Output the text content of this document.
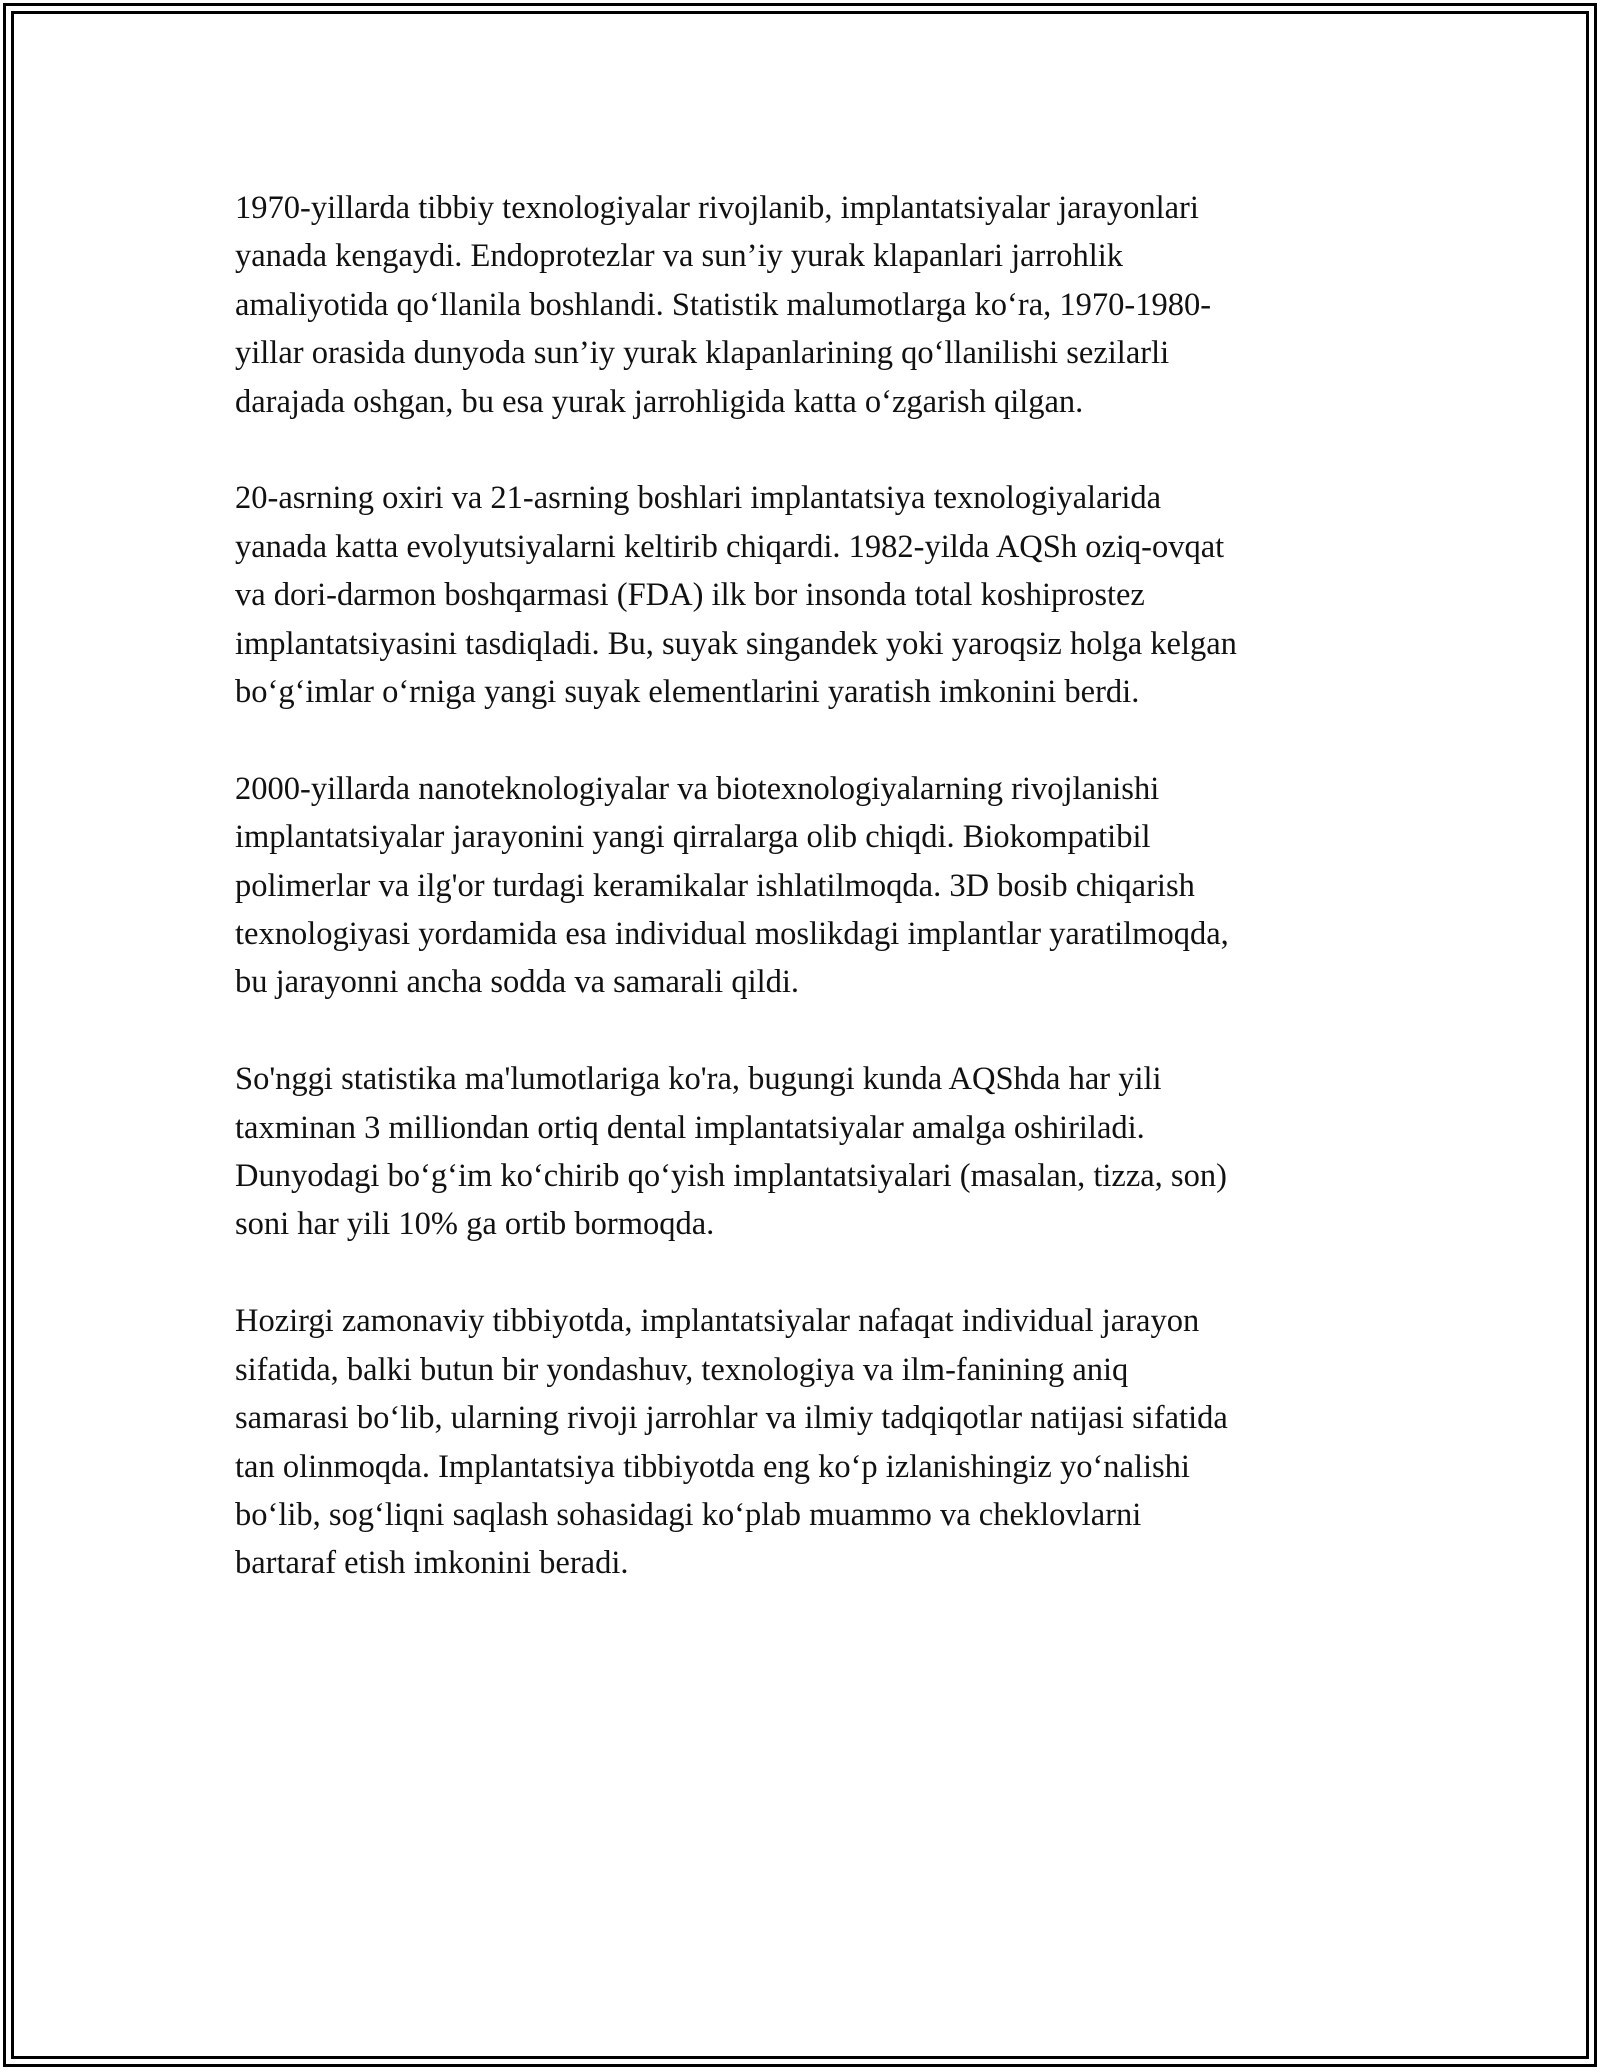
1970-yillarda tibbiy texnologiyalar rivojlanib, implantatsiyalar jarayonlari
yanada kengaydi. Endoprotezlar va sun’iy yurak klapanlari jarrohlik
amaliyotida qoʻllanila boshlandi. Statistik malumotlarga koʻra, 1970-1980-
yillar orasida dunyoda sun’iy yurak klapanlarining qoʻllanilishi sezilarli
darajada oshgan, bu esa yurak jarrohligida katta oʻzgarish qilgan.

20-asrning oxiri va 21-asrning boshlari implantatsiya texnologiyalarida
yanada katta evolyutsiyalarni keltirib chiqardi. 1982-yilda AQSh oziq-ovqat
va dori-darmon boshqarmasi (FDA) ilk bor insonda total koshiprostez
implantatsiyasini tasdiqladi. Bu, suyak singandek yoki yaroqsiz holga kelgan
boʻgʻimlar oʻrniga yangi suyak elementlarini yaratish imkonini berdi.

2000-yillarda nanoteknologiyalar va biotexnologiyalarning rivojlanishi
implantatsiyalar jarayonini yangi qirralarga olib chiqdi. Biokompatibil
polimerlar va ilg'or turdagi keramikalar ishlatilmoqda. 3D bosib chiqarish
texnologiyasi yordamida esa individual moslikdagi implantlar yaratilmoqda,
bu jarayonni ancha sodda va samarali qildi.

So'nggi statistika ma'lumotlariga ko'ra, bugungi kunda AQShda har yili
taxminan 3 milliondan ortiq dental implantatsiyalar amalga oshiriladi.
Dunyodagi boʻgʻim koʻchirib qoʻyish implantatsiyalari (masalan, tizza, son)
soni har yili 10% ga ortib bormoqda.

Hozirgi zamonaviy tibbiyotda, implantatsiyalar nafaqat individual jarayon
sifatida, balki butun bir yondashuv, texnologiya va ilm-fanining aniq
samarasi boʻlib, ularning rivoji jarrohlar va ilmiy tadqiqotlar natijasi sifatida
tan olinmoqda. Implantatsiya tibbiyotda eng koʻp izlanishingiz yoʻnalishi
boʻlib, sogʻliqni saqlash sohasidagi koʻplab muammo va cheklovlarni
bartaraf etish imkonini beradi.
